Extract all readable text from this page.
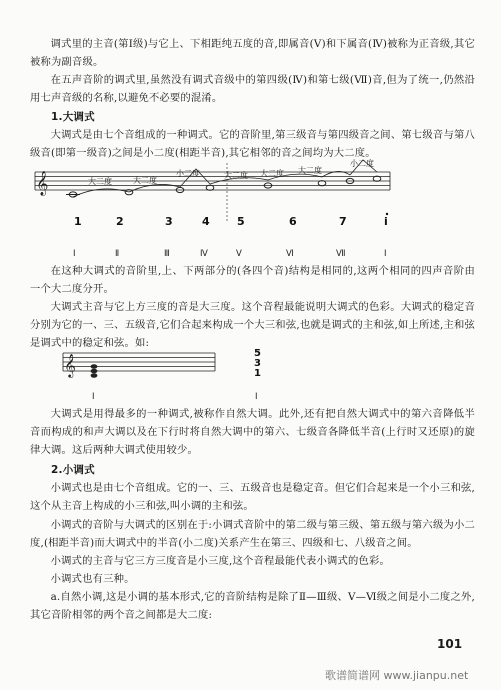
调式里的主音(第Ⅰ级)与它上、下相距纯五度的音,即属音(Ⅴ)和下属音(Ⅳ)被称为正音级,其它被称为副音级。

在五声音阶的调式里,虽然没有调式音级中的第四级(Ⅳ)和第七级(Ⅶ)音,但为了统一,仍然沿用七声音级的名称,以避免不必要的混淆。

1.大调式

大调式是由七个音组成的一种调式。它的音阶里,第三级音与第四级音之间、第七级音与第八级音(即第一级音)之间是小二度(相距半音),其它相邻的音之间均为大二度。

𝄞	大二度	大二度
小二度	大二度 大二度 大二度
小二度
1	2	3	4 5	6	7	i
Ⅰ	Ⅱ	Ⅲ	Ⅳ	Ⅴ	Ⅵ	Ⅶ	Ⅰ
𝄞	5
3
1
Ⅰ	Ⅰ

在这种大调式的音阶里,上、下两部分的(各四个音)结构是相同的,这两个相同的四声音阶由一个大二度分开。

大调式主音与它上方三度的音是大三度。这个音程最能说明大调式的色彩。大调式的稳定音分别为它的一、三、五级音,它们合起来构成一个大三和弦,也就是调式的主和弦,如上所述,主和弦是调式中的稳定和弦。如:

大调式是用得最多的一种调式,被称作自然大调。此外,还有把自然大调式中的第六音降低半音而构成的和声大调以及在下行时将自然大调中的第六、七级音各降低半音(上行时又还原)的旋律大调。这后两种大调式使用较少。

2.小调式

小调式也是由七个音组成。它的一、三、五级音也是稳定音。但它们合起来是一个小三和弦,这个从主音上构成的小三和弦,叫小调的主和弦。

小调式的音阶与大调式的区别在于:小调式音阶中的第二级与第三级、第五级与第六级为小二度,(相距半音)而大调式中的半音(小二度)关系产生在第三、四级和七、八级音之间。

小调式的主音与它三方三度音是小三度,这个音程最能代表小调式的色彩。

小调式也有三种。

a.自然小调,这是小调的基本形式,它的音阶结构是除了Ⅱ—Ⅲ级、Ⅴ—Ⅵ级之间是小二度之外,其它音阶相邻的两个音之间都是大二度:

101
歌谱简谱网 www.jianpu.net
